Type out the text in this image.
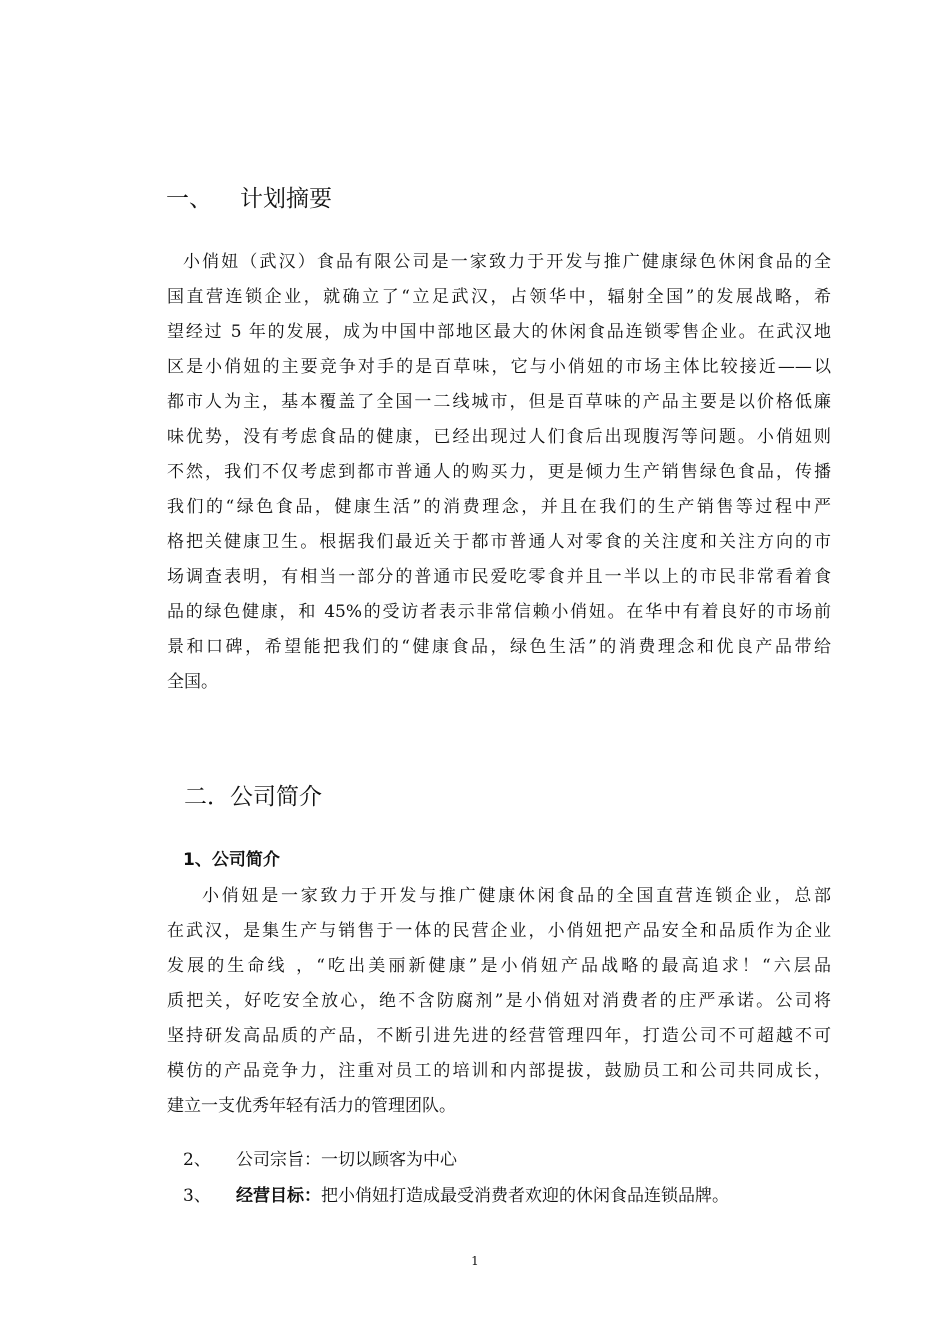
一、 计划摘要
小俏妞（武汉）食品有限公司是一家致力于开发与推广健康绿色休闲食品的全
国直营连锁企业，就确立了“立足武汉，占领华中，辐射全国”的发展战略，希
望经过 5 年的发展，成为中国中部地区最大的休闲食品连锁零售企业。在武汉地
区是小俏妞的主要竞争对手的是百草味，它与小俏妞的市场主体比较接近——以
都市人为主，基本覆盖了全国一二线城市，但是百草味的产品主要是以价格低廉
味优势，没有考虑食品的健康，已经出现过人们食后出现腹泻等问题。小俏妞则
不然，我们不仅考虑到都市普通人的购买力，更是倾力生产销售绿色食品，传播
我们的“绿色食品，健康生活”的消费理念，并且在我们的生产销售等过程中严
格把关健康卫生。根据我们最近关于都市普通人对零食的关注度和关注方向的市
场调查表明，有相当一部分的普通市民爱吃零食并且一半以上的市民非常看着食
品的绿色健康，和 45%的受访者表示非常信赖小俏妞。在华中有着良好的市场前
景和口碑，希望能把我们的“健康食品，绿色生活”的消费理念和优良产品带给
全国。
二．公司简介
1、公司简介
小俏妞是一家致力于开发与推广健康休闲食品的全国直营连锁企业，总部
在武汉，是集生产与销售于一体的民营企业，小俏妞把产品安全和品质作为企业
发展的生命线 ，“吃出美丽新健康”是小俏妞产品战略的最高追求！“六层品
质把关，好吃安全放心，绝不含防腐剂”是小俏妞对消费者的庄严承诺。公司将
坚持研发高品质的产品，不断引进先进的经营管理四年，打造公司不可超越不可
模仿的产品竞争力，注重对员工的培训和内部提拔，鼓励员工和公司共同成长，
建立一支优秀年轻有活力的管理团队。
2、 公司宗旨：一切以顾客为中心
3、 经营目标：把小俏妞打造成最受消费者欢迎的休闲食品连锁品牌。
1
